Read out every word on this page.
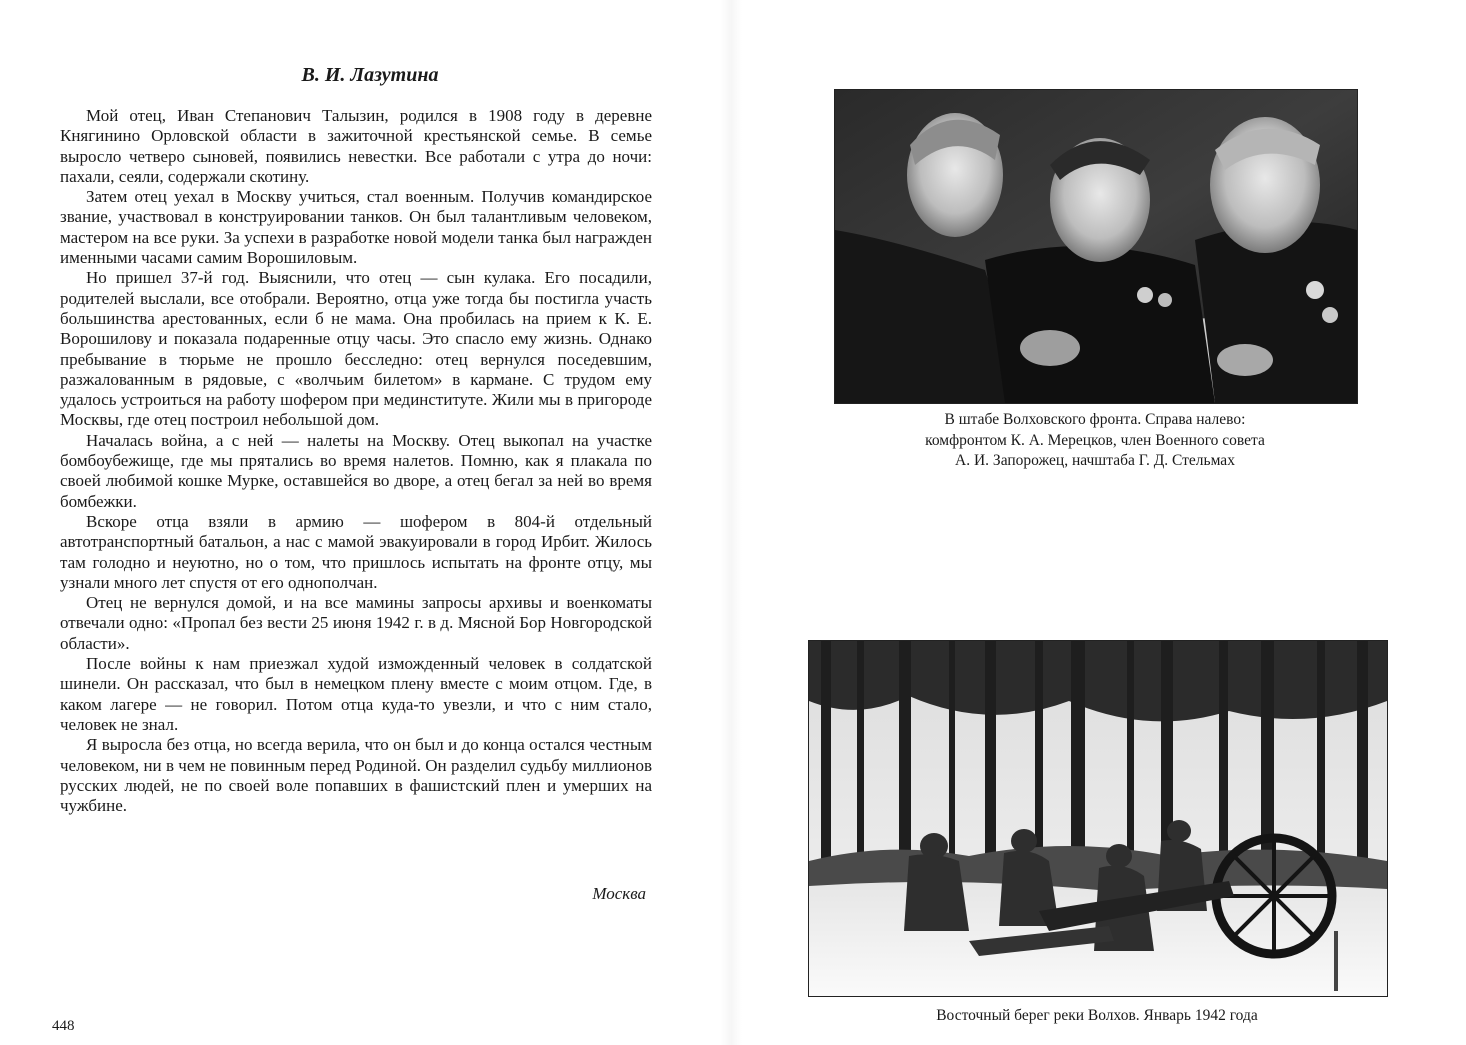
В. И. Лазутина

Мой отец, Иван Степанович Талызин, родился в 1908 году в деревне Княгинино Орловской области в зажиточной крестьянской семье. В семье выросло четверо сыновей, появились невестки. Все работали с утра до ночи: пахали, сеяли, содержали скотину.

Затем отец уехал в Москву учиться, стал военным. Получив командирское звание, участвовал в конструировании танков. Он был талантливым человеком, мастером на все руки. За успехи в разработке новой модели танка был награжден именными часами самим Ворошиловым.

Но пришел 37-й год. Выяснили, что отец — сын кулака. Его посадили, родителей выслали, все отобрали. Вероятно, отца уже тогда бы постигла участь большинства арестованных, если б не мама. Она пробилась на прием к К. Е. Ворошилову и показала подаренные отцу часы. Это спасло ему жизнь. Однако пребывание в тюрьме не прошло бесследно: отец вернулся поседевшим, разжалованным в рядовые, с «волчьим билетом» в кармане. С трудом ему удалось устроиться на работу шофером при мединституте. Жили мы в пригороде Москвы, где отец построил небольшой дом.

Началась война, а с ней — налеты на Москву. Отец выкопал на участке бомбоубежище, где мы прятались во время налетов. Помню, как я плакала по своей любимой кошке Мурке, оставшейся во дворе, а отец бегал за ней во время бомбежки.

Вскоре отца взяли в армию — шофером в 804-й отдельный автотранспортный батальон, а нас с мамой эвакуировали в город Ирбит. Жилось там голодно и неуютно, но о том, что пришлось испытать на фронте отцу, мы узнали много лет спустя от его однополчан.

Отец не вернулся домой, и на все мамины запросы архивы и военкоматы отвечали одно: «Пропал без вести 25 июня 1942 г. в д. Мясной Бор Новгородской области».

После войны к нам приезжал худой изможденный человек в солдатской шинели. Он рассказал, что был в немецком плену вместе с моим отцом. Где, в каком лагере — не говорил. Потом отца куда-то увезли, и что с ним стало, человек не знал.

Я выросла без отца, но всегда верила, что он был и до конца остался честным человеком, ни в чем не повинным перед Родиной. Он разделил судьбу миллионов русских людей, не по своей воле попавших в фашистский плен и умерших на чужбине.

Москва

448

В штабе Волховского фронта. Справа налево:
комфронтом К. А. Мерецков, член Военного совета
А. И. Запорожец, начштаба Г. Д. Стельмах

Восточный берег реки Волхов. Январь 1942 года
